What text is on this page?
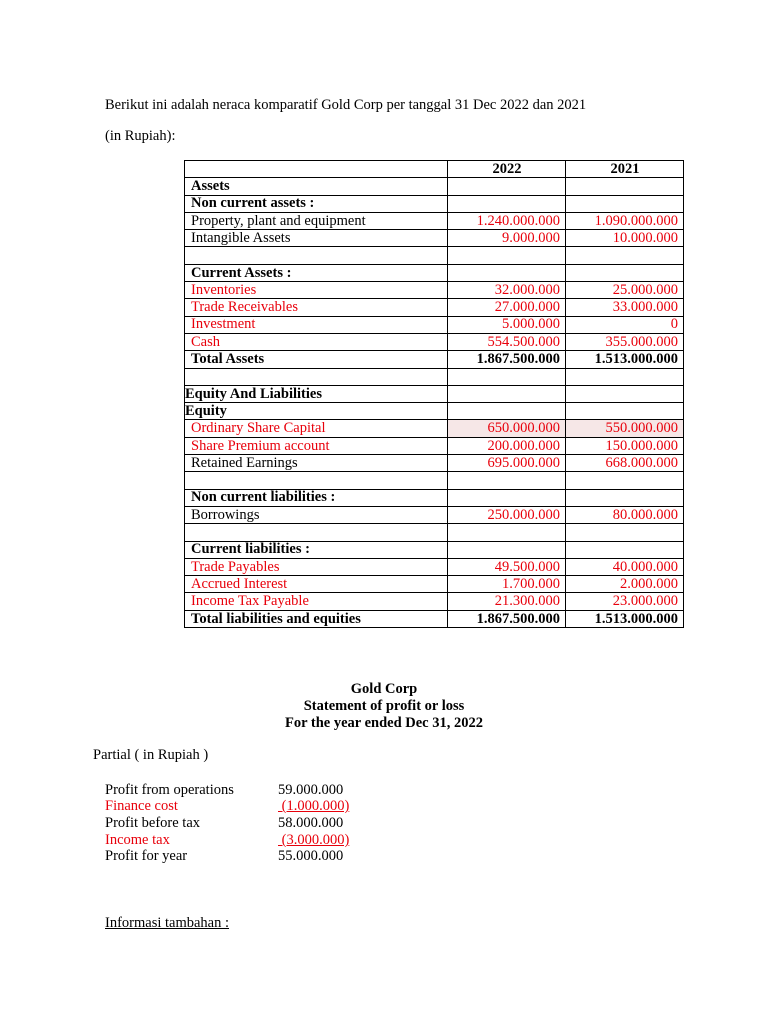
Berikut ini adalah neraca komparatif Gold Corp per tanggal 31 Dec 2022 dan 2021
(in Rupiah):
	2022	2021
Assets		
Non current assets :		
Property, plant and equipment	1.240.000.000	1.090.000.000
Intangible Assets	9.000.000	10.000.000

Current Assets :		
Inventories	32.000.000	25.000.000
Trade Receivables	27.000.000	33.000.000
Investment	5.000.000	0
Cash	554.500.000	355.000.000
Total Assets	1.867.500.000	1.513.000.000

Equity And Liabilities		
Equity		
Ordinary Share Capital	650.000.000	550.000.000
Share Premium account	200.000.000	150.000.000
Retained Earnings	695.000.000	668.000.000

Non current liabilities :		
Borrowings	250.000.000	80.000.000

Current liabilities :		
Trade Payables	49.500.000	40.000.000
Accrued Interest	1.700.000	2.000.000
Income Tax Payable	21.300.000	23.000.000
Total liabilities and equities	1.867.500.000	1.513.000.000
Gold Corp
Statement of profit or loss
For the year ended Dec 31, 2022
Partial ( in Rupiah )
Profit from operations	59.000.000
Finance cost	(1.000.000)
Profit before tax	58.000.000
Income tax	(3.000.000)
Profit for year	55.000.000
Informasi tambahan :
